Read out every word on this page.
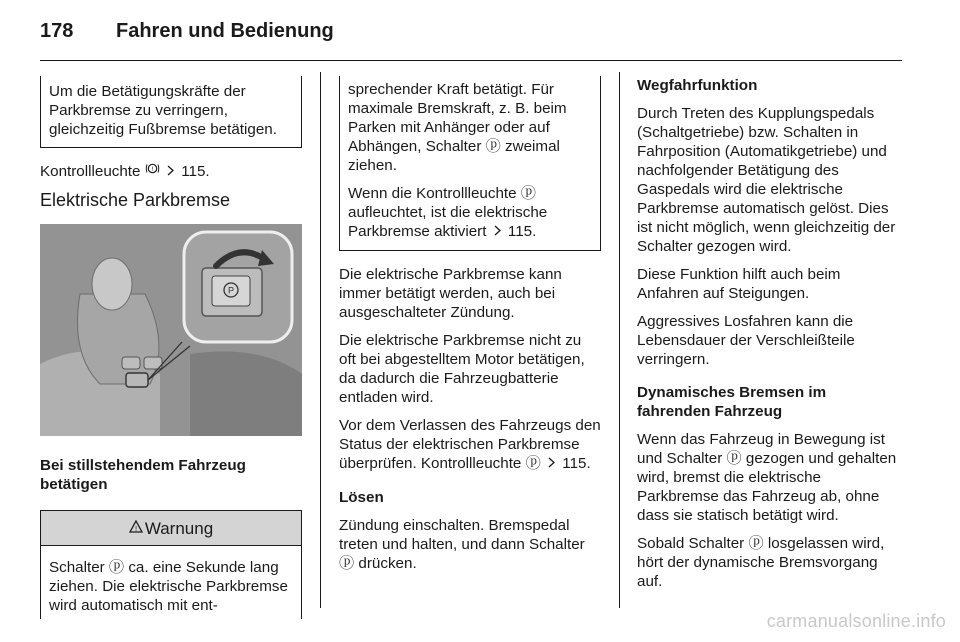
178 Fahren und Bedienung

Um die Betätigungskräfte der Parkbremse zu verringern, gleichzeitig Fußbremse betätigen.

Kontrollleuchte ! 115.

Elektrische Parkbremse
P

Bei stillstehendem Fahrzeug betätigen

! Warnung

Schalter ⓟ ca. eine Sekunde lang ziehen. Die elektrische Parkbremse wird automatisch mit ent-

sprechender Kraft betätigt. Für maximale Bremskraft, z. B. beim Parken mit Anhänger oder auf Abhängen, Schalter ⓟ zweimal ziehen.

Wenn die Kontrollleuchte ⓟ aufleuchtet, ist die elektrische Parkbremse aktiviert 115.

Die elektrische Parkbremse kann immer betätigt werden, auch bei ausgeschalteter Zündung.

Die elektrische Parkbremse nicht zu oft bei abgestelltem Motor betätigen, da dadurch die Fahrzeugbatterie entladen wird.

Vor dem Verlassen des Fahrzeugs den Status der elektrischen Parkbremse überprüfen. Kontrollleuchte ⓟ 115.

Lösen

Zündung einschalten. Bremspedal treten und halten, und dann Schalter ⓟ drücken.

Wegfahrfunktion

Durch Treten des Kupplungspedals (Schaltgetriebe) bzw. Schalten in Fahrposition (Automatikgetriebe) und nachfolgender Betätigung des Gaspedals wird die elektrische Parkbremse automatisch gelöst. Dies ist nicht möglich, wenn gleichzeitig der Schalter gezogen wird.

Diese Funktion hilft auch beim Anfahren auf Steigungen.

Aggressives Losfahren kann die Lebensdauer der Verschleißteile verringern.

Dynamisches Bremsen im fahrenden Fahrzeug

Wenn das Fahrzeug in Bewegung ist und Schalter ⓟ gezogen und gehalten wird, bremst die elektrische Parkbremse das Fahrzeug ab, ohne dass sie statisch betätigt wird.

Sobald Schalter ⓟ losgelassen wird, hört der dynamische Bremsvorgang auf.

carmanualsonline.info
